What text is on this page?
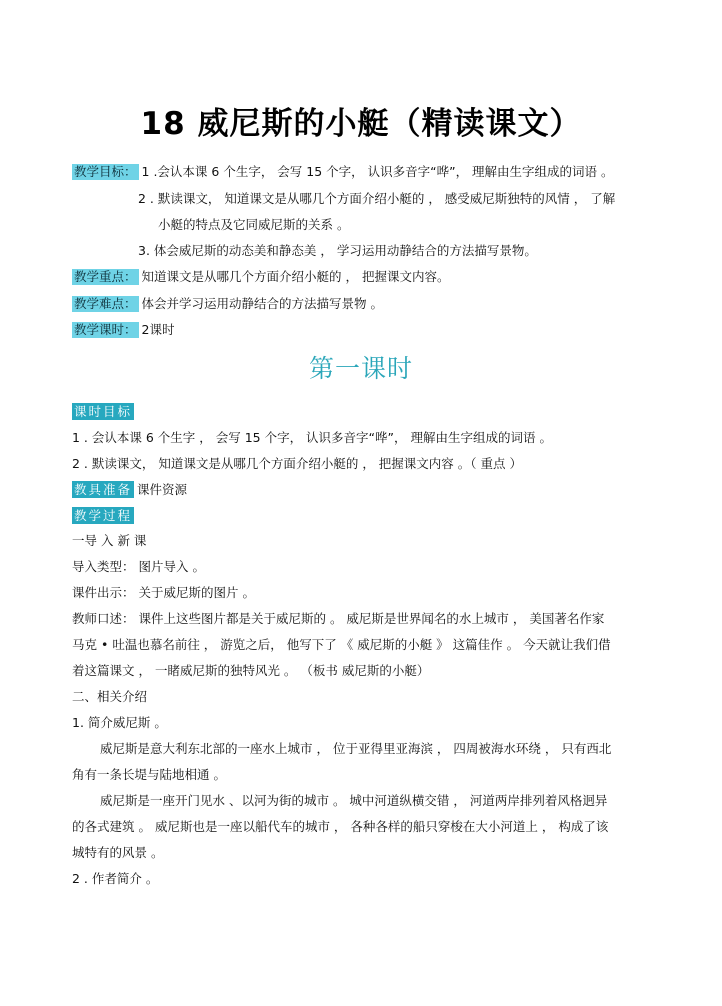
18 威尼斯的小艇（精读课文）
教学目标： 1 .会认本课 6 个生字， 会写 15 个字， 认识多音字“哗”， 理解由生字组成的词语 。
2 . 默读课文， 知道课文是从哪几个方面介绍小艇的 ， 感受威尼斯独特的风情 ， 了解
小艇的特点及它同威尼斯的关系 。
3. 体会威尼斯的动态美和静态美 ， 学习运用动静结合的方法描写景物。
教学重点： 知道课文是从哪几个方面介绍小艇的 ， 把握课文内容。
教学难点： 体会并学习运用动静结合的方法描写景物 。
教学课时： 2课时
第一课时
课时目标
1 . 会认本课 6 个生字 ， 会写 15 个字， 认识多音字“哗”， 理解由生字组成的词语 。
2 . 默读课文， 知道课文是从哪几个方面介绍小艇的 ， 把握课文内容 。（ 重点 ）
教具准备 课件资源
教学过程
一导 入 新 课
导入类型： 图片导入 。
课件出示： 关于威尼斯的图片 。
教师口述： 课件上这些图片都是关于威尼斯的 。 威尼斯是世界闻名的水上城市 ， 美国著名作家
马克 • 吐温也慕名前往 ， 游览之后， 他写下了 《 威尼斯的小艇 》 这篇佳作 。 今天就让我们借
着这篇课文 ， 一睹威尼斯的独特风光 。 （板书 威尼斯的小艇）
二、相关介绍
1. 简介威尼斯 。
威尼斯是意大利东北部的一座水上城市 ， 位于亚得里亚海滨 ， 四周被海水环绕 ， 只有西北
角有一条长堤与陆地相通 。
威尼斯是一座开门见水 、以河为街的城市 。 城中河道纵横交错 ， 河道两岸排列着风格迥异
的各式建筑 。 威尼斯也是一座以船代车的城市 ， 各种各样的船只穿梭在大小河道上 ， 构成了该
城特有的风景 。
2 . 作者简介 。
